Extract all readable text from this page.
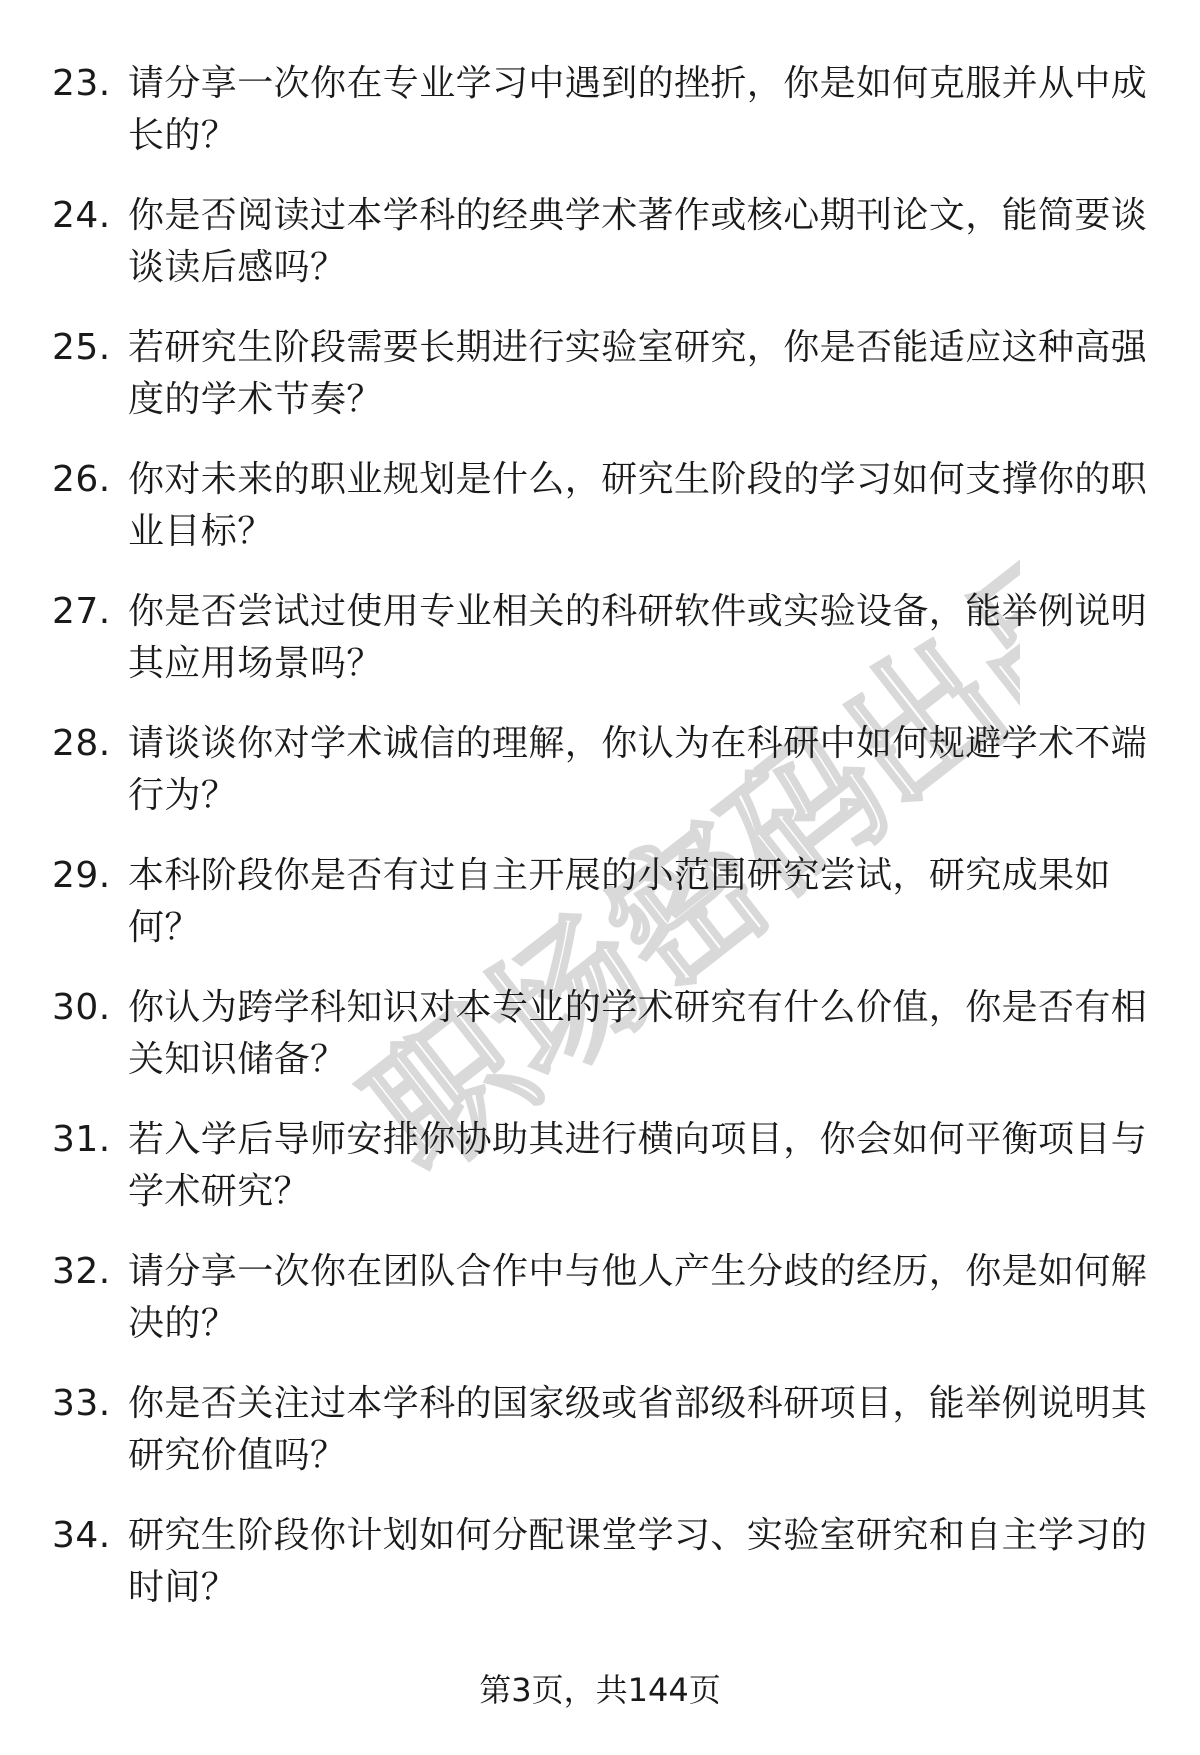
职场密码出品
23. 请分享一次你在专业学习中遇到的挫折，你是如何克服并从中成长的？
24. 你是否阅读过本学科的经典学术著作或核心期刊论文，能简要谈谈读后感吗？
25. 若研究生阶段需要长期进行实验室研究，你是否能适应这种高强度的学术节奏？
26. 你对未来的职业规划是什么，研究生阶段的学习如何支撑你的职业目标？
27. 你是否尝试过使用专业相关的科研软件或实验设备，能举例说明其应用场景吗？
28. 请谈谈你对学术诚信的理解，你认为在科研中如何规避学术不端行为？
29. 本科阶段你是否有过自主开展的小范围研究尝试，研究成果如何？
30. 你认为跨学科知识对本专业的学术研究有什么价值，你是否有相关知识储备？
31. 若入学后导师安排你协助其进行横向项目，你会如何平衡项目与学术研究？
32. 请分享一次你在团队合作中与他人产生分歧的经历，你是如何解决的？
33. 你是否关注过本学科的国家级或省部级科研项目，能举例说明其研究价值吗？
34. 研究生阶段你计划如何分配课堂学习、实验室研究和自主学习的时间？
第3页，共144页
